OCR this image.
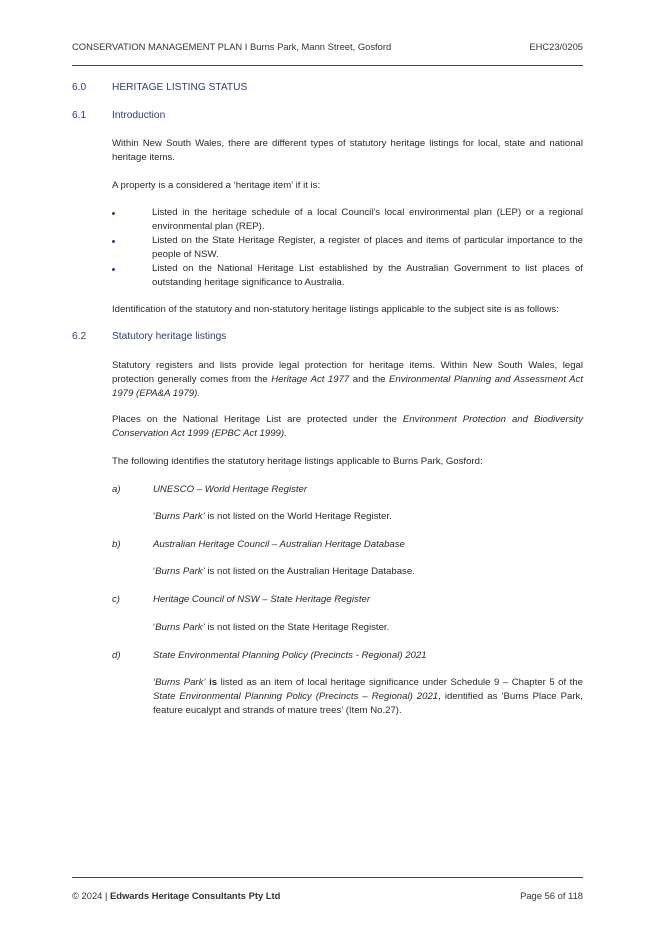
CONSERVATION MANAGEMENT PLAN I Burns Park, Mann Street, Gosford	EHC23/0205
6.0	HERITAGE LISTING STATUS
6.1	Introduction
Within New South Wales, there are different types of statutory heritage listings for local, state and national heritage items.
A property is a considered a ‘heritage item’ if it is:
Listed in the heritage schedule of a local Council's local environmental plan (LEP) or a regional environmental plan (REP).
Listed on the State Heritage Register, a register of places and items of particular importance to the people of NSW.
Listed on the National Heritage List established by the Australian Government to list places of outstanding heritage significance to Australia.
Identification of the statutory and non-statutory heritage listings applicable to the subject site is as follows:
6.2	Statutory heritage listings
Statutory registers and lists provide legal protection for heritage items. Within New South Wales, legal protection generally comes from the Heritage Act 1977 and the Environmental Planning and Assessment Act 1979 (EPA&A 1979).
Places on the National Heritage List are protected under the Environment Protection and Biodiversity Conservation Act 1999 (EPBC Act 1999).
The following identifies the statutory heritage listings applicable to Burns Park, Gosford:
a)	UNESCO – World Heritage Register
‘Burns Park’ is not listed on the World Heritage Register.
b)	Australian Heritage Council – Australian Heritage Database
‘Burns Park’ is not listed on the Australian Heritage Database.
c)	Heritage Council of NSW – State Heritage Register
‘Burns Park’ is not listed on the State Heritage Register.
d)	State Environmental Planning Policy (Precincts - Regional) 2021
‘Burns Park’ is listed as an item of local heritage significance under Schedule 9 – Chapter 5 of the State Environmental Planning Policy (Precincts – Regional) 2021, identified as ‘Burns Place Park, feature eucalypt and strands of mature trees’ (Item No.27).
© 2024 | Edwards Heritage Consultants Pty Ltd	Page 56 of 118
